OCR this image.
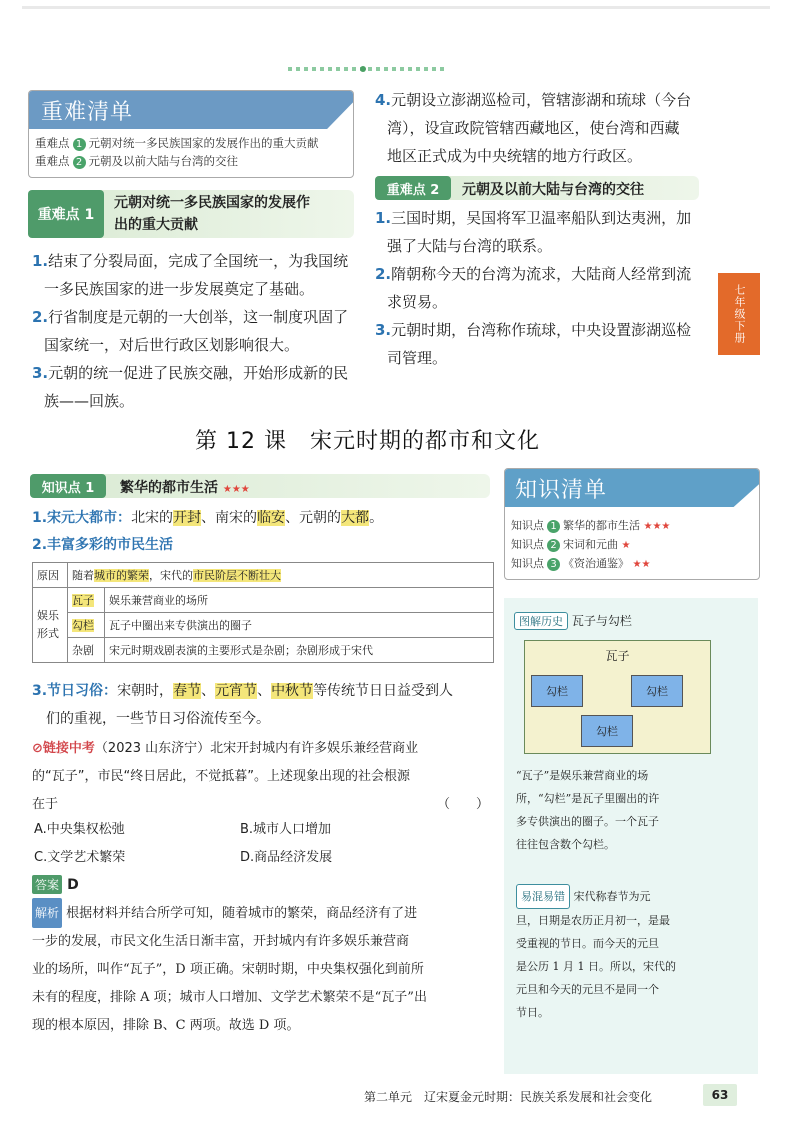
重难清单
重难点 1 元朝对统一多民族国家的发展作出的重大贡献
重难点 2 元朝及以前大陆与台湾的交往
重难点 1
元朝对统一多民族国家的发展作
出的重大贡献

1.结束了分裂局面，完成了全国统一，为我国统

一多民族国家的进一步发展奠定了基础。

2.行省制度是元朝的一大创举，这一制度巩固了

国家统一，对后世行政区划影响很大。

3.元朝的统一促进了民族交融，开始形成新的民

族——回族。

4.元朝设立澎湖巡检司，管辖澎湖和琉球（今台

湾），设宣政院管辖西藏地区，使台湾和西藏

地区正式成为中央统辖的地方行政区。

重难点 2	元朝及以前大陆与台湾的交往

1.三国时期，吴国将军卫温率船队到达夷洲，加

强了大陆与台湾的联系。

2.隋朝称今天的台湾为流求，大陆商人经常到流

求贸易。

3.元朝时期，台湾称作琉球，中央设置澎湖巡检

司管理。

七年级下册
第 12 课　宋元时期的都市和文化
知识点 1	繁华的都市生活 ★★★
1.宋元大都市：北宋的开封、南宋的临安、元朝的大都。
2.丰富多彩的市民生活
原因	随着城市的繁荣，宋代的市民阶层不断壮大	

娱乐
形式	瓦子	娱乐兼营商业的场所
	勾栏	瓦子中圈出来专供演出的圈子
	杂剧	宋元时期戏剧表演的主要形式是杂剧；杂剧形成于宋代
3.节日习俗：宋朝时，春节、元宵节、中秋节等传统节日日益受到人
们的重视，一些节日习俗流传至今。
⊘链接中考（2023 山东济宁）北宋开封城内有许多娱乐兼经营商业
的“瓦子”，市民“终日居此，不觉抵暮”。上述现象出现的社会根源
在于	（　　）
A.中央集权松弛	B.城市人口增加
C.文学艺术繁荣	D.商品经济发展
答案 D
解析 根据材料并结合所学可知，随着城市的繁荣，商品经济有了进
一步的发展，市民文化生活日渐丰富，开封城内有许多娱乐兼营商
业的场所，叫作“瓦子”，D 项正确。宋朝时期，中央集权强化到前所
未有的程度，排除 A 项；城市人口增加、文学艺术繁荣不是“瓦子”出
现的根本原因，排除 B、C 两项。故选 D 项。
知识清单
知识点 1 繁华的都市生活 ★★★
知识点 2 宋词和元曲 ★
知识点 3 《资治通鉴》 ★★
图解历史 瓦子与勾栏
瓦子
勾栏	勾栏
勾栏
“瓦子”是娱乐兼营商业的场
所，“勾栏”是瓦子里圈出的许
多专供演出的圈子。一个瓦子
往往包含数个勾栏。
易混易错 宋代称春节为元
旦，日期是农历正月初一，是最
受重视的节日。而今天的元旦
是公历 1 月 1 日。所以，宋代的
元旦和今天的元旦不是同一个
节日。
第二单元　辽宋夏金元时期：民族关系发展和社会变化	63
